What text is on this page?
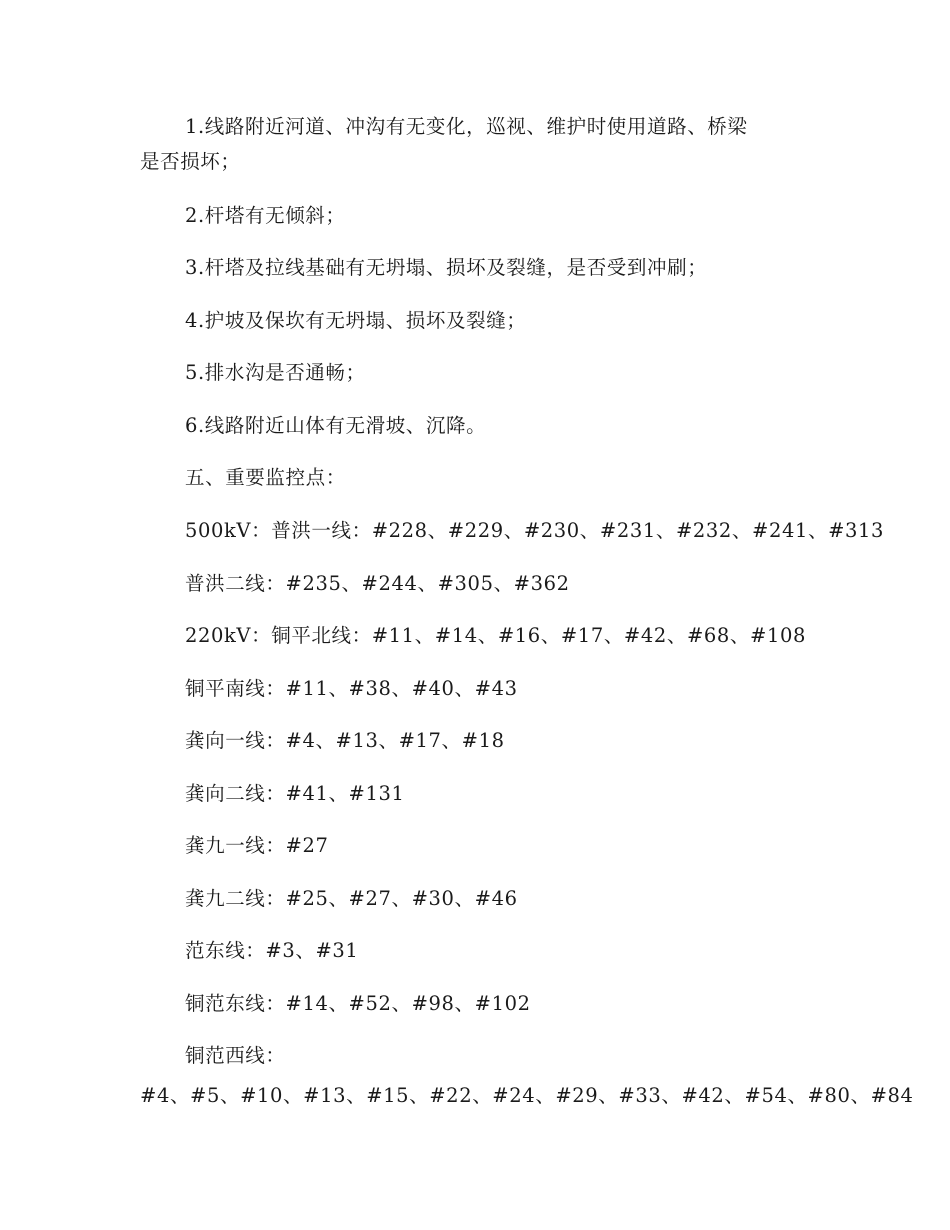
1.线路附近河道、冲沟有无变化，巡视、维护时使用道路、桥梁
是否损坏；
2.杆塔有无倾斜；
3.杆塔及拉线基础有无坍塌、损坏及裂缝，是否受到冲刷；
4.护坡及保坎有无坍塌、损坏及裂缝；
5.排水沟是否通畅；
6.线路附近山体有无滑坡、沉降。
五、重要监控点：
500kV：普洪一线：#228、#229、#230、#231、#232、#241、#313
普洪二线：#235、#244、#305、#362
220kV：铜平北线：#11、#14、#16、#17、#42、#68、#108
铜平南线：#11、#38、#40、#43
龚向一线：#4、#13、#17、#18
龚向二线：#41、#131
龚九一线：#27
龚九二线：#25、#27、#30、#46
范东线：#3、#31
铜范东线：#14、#52、#98、#102
铜范西线：
#4、#5、#10、#13、#15、#22、#24、#29、#33、#42、#54、#80、#84
